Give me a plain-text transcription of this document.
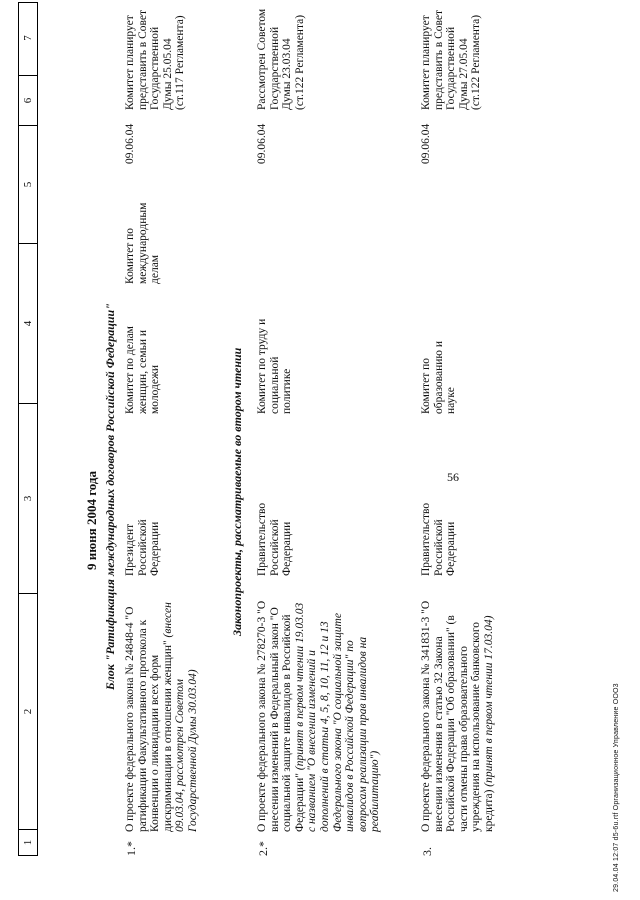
29.04.04 12:07 d5-6u.rtf Организационное Управление ООО3
1
2
3
4
5
6
7
56
9 июня 2004 года Блок "Ратификация международных договоров Российской Федерации"
1.*
О проекте федерального закона № 24848-4 "О ратификации Факультативного протокола к Конвенции о ликвидации всех форм дискриминации в отношении женщин" (внесен 09.03.04, рассмотрен Советом Государственной Думы 30.03.04)
Президент Российской Федерации
Комитет по делам женщин, семьи и молодежи
Комитет по международным делам
09.06.04
Комитет планирует представить в Совет Государственной Думы 25.05.04 (ст.117 Регламента)
Законопроекты, рассматриваемые во втором чтении
2.*
О проекте федерального закона № 278270-3 "О внесении изменений в Федеральный закон "О социальной защите инвалидов в Российской Федерации" (принят в первом чтении 19.03.03 с названием "О внесении изменений и дополнений в статьи 4, 5, 8, 10, 11, 12 и 13 Федерального закона "О социальной защите инвалидов в Российской Федерации" по вопросам реализации прав инвалидов на реабилитацию")
Правительство Российской Федерации
Комитет по труду и социальной политике
09.06.04
Рассмотрен Советом Государственной Думы 23.03.04 (ст.122 Регламента)
3.
О проекте федерального закона № 341831-3 "О внесении изменения в статью 32 Закона Российской Федерации "Об образовании" (в части отмены права образовательного учреждения на использование банковского кредита) (принят в первом чтении 17.03.04)
Правительство Российской Федерации
Комитет по образованию и науке
09.06.04
Комитет планирует представить в Совет Государственной Думы 27.05.04 (ст.122 Регламента)
